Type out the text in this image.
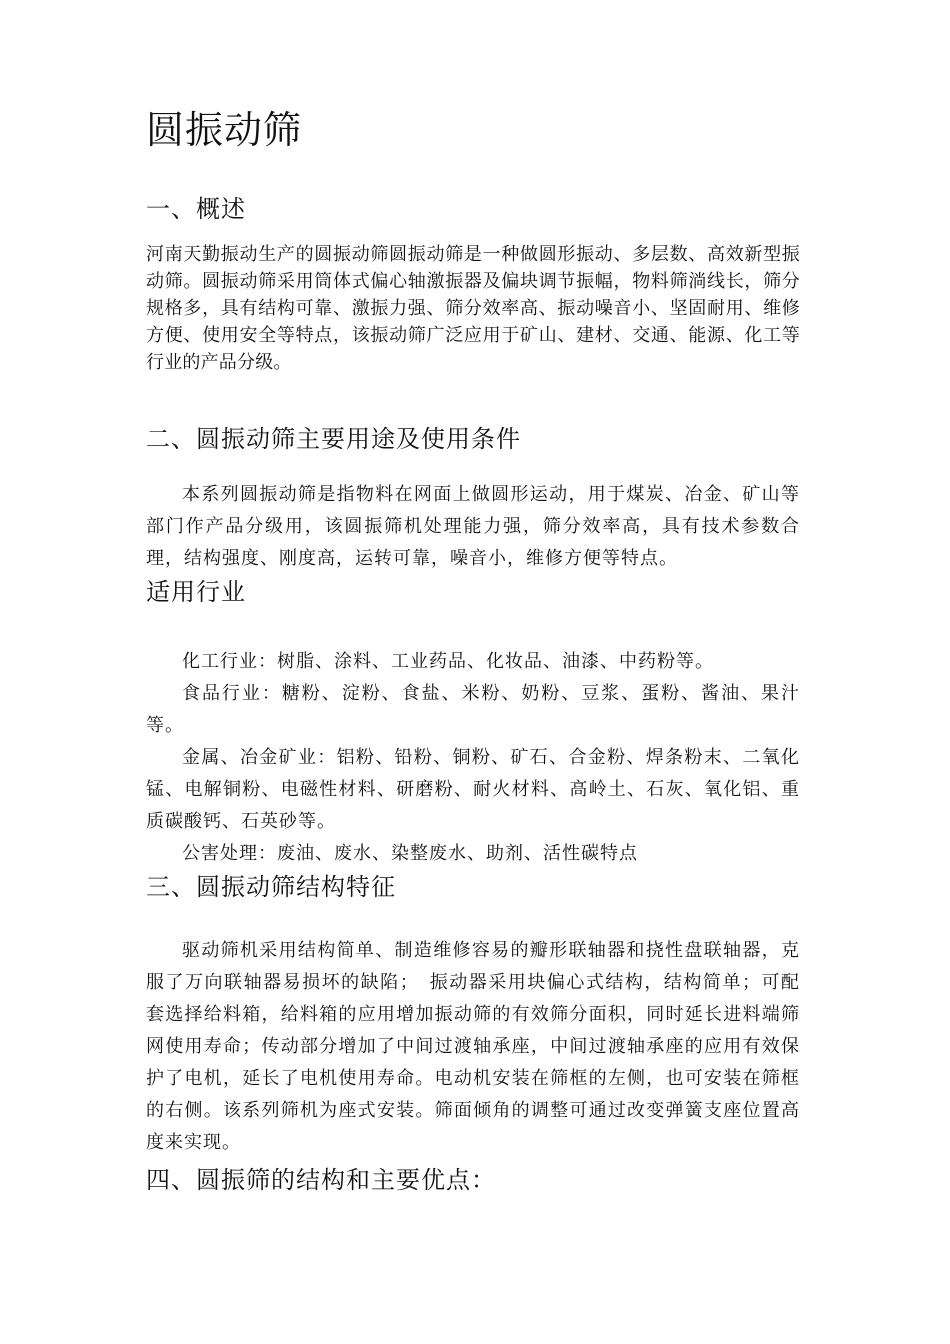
圆振动筛
一、概述

河南天勤振动生产的圆振动筛圆振动筛是一种做圆形振动、多层数、高效新型振动筛。圆振动筛采用筒体式偏心轴激振器及偏块调节振幅，物料筛淌线长，筛分规格多，具有结构可靠、激振力强、筛分效率高、振动噪音小、坚固耐用、维修方便、使用安全等特点，该振动筛广泛应用于矿山、建材、交通、能源、化工等行业的产品分级。

二、圆振动筛主要用途及使用条件

本系列圆振动筛是指物料在网面上做圆形运动，用于煤炭、冶金、矿山等部门作产品分级用，该圆振筛机处理能力强，筛分效率高，具有技术参数合理，结构强度、刚度高，运转可靠，噪音小，维修方便等特点。

适用行业

化工行业：树脂、涂料、工业药品、化妆品、油漆、中药粉等。

食品行业：糖粉、淀粉、食盐、米粉、奶粉、豆浆、蛋粉、酱油、果汁等。

金属、冶金矿业：铝粉、铅粉、铜粉、矿石、合金粉、焊条粉末、二氧化锰、电解铜粉、电磁性材料、研磨粉、耐火材料、高岭土、石灰、氧化铝、重质碳酸钙、石英砂等。

公害处理：废油、废水、染整废水、助剂、活性碳特点

三、圆振动筛结构特征

驱动筛机采用结构简单、制造维修容易的瓣形联轴器和挠性盘联轴器，克服了万向联轴器易损坏的缺陷；　振动器采用块偏心式结构，结构简单；可配套选择给料箱，给料箱的应用增加振动筛的有效筛分面积，同时延长进料端筛网使用寿命；传动部分增加了中间过渡轴承座，中间过渡轴承座的应用有效保护了电机，延长了电机使用寿命。电动机安装在筛框的左侧，也可安装在筛框的右侧。该系列筛机为座式安装。筛面倾角的调整可通过改变弹簧支座位置高度来实现。

四、圆振筛的结构和主要优点：
